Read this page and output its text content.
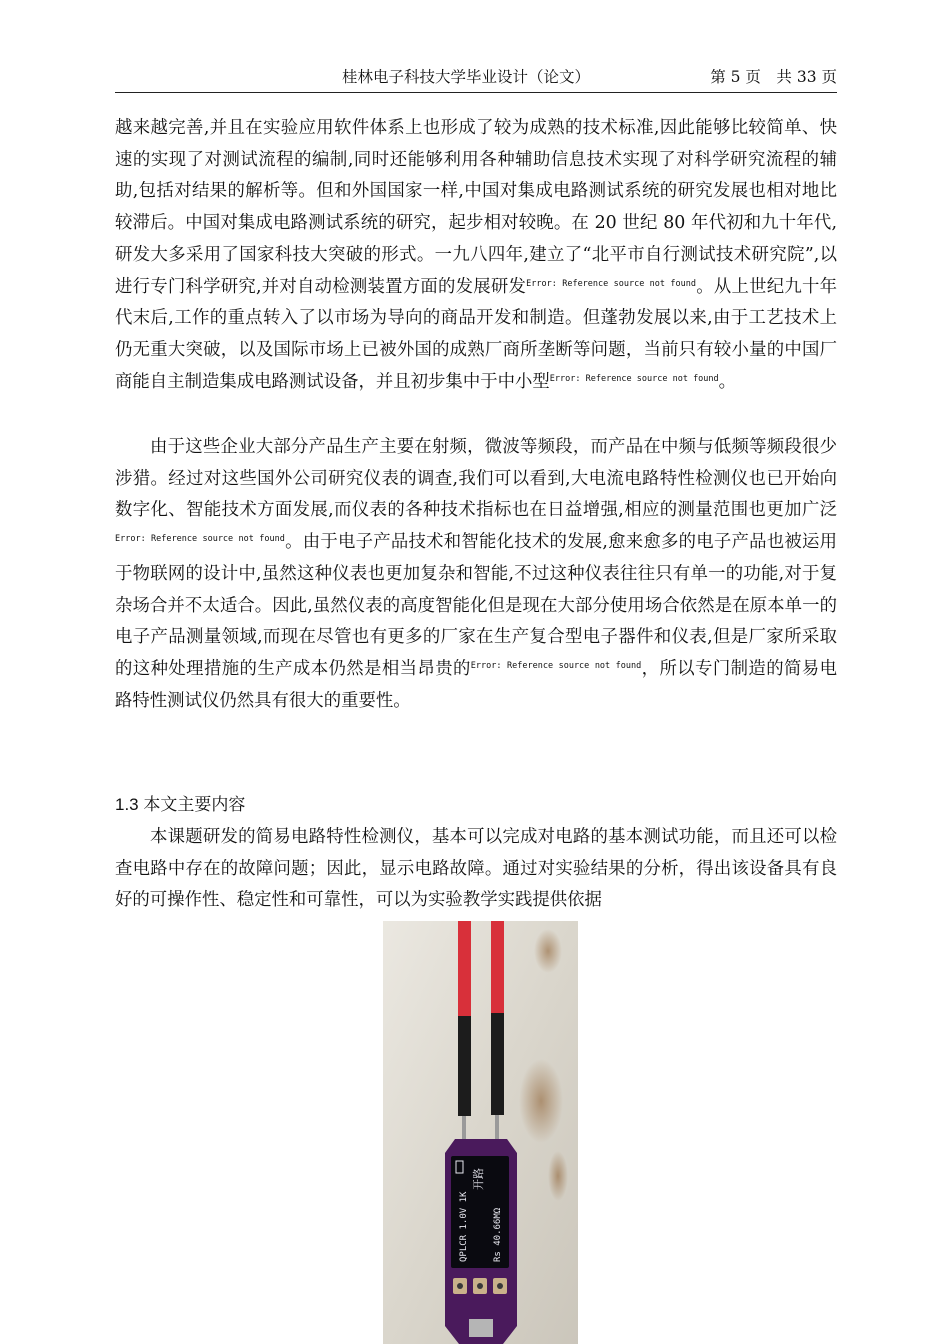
桂林电子科技大学毕业设计（论文）	第 5 页　共 33 页

越来越完善,并且在实验应用软件体系上也形成了较为成熟的技术标准,因此能够比较简单、快速的实现了对测试流程的编制,同时还能够利用各种辅助信息技术实现了对科学研究流程的辅助,包括对结果的解析等。但和外国国家一样,中国对集成电路测试系统的研究发展也相对地比较滞后。中国对集成电路测试系统的研究，起步相对较晚。在 20 世纪 80 年代初和九十年代,研发大多采用了国家科技大突破的形式。一九八四年,建立了“北平市自行测试技术研究院”,以进行专门科学研究,并对自动检测装置方面的发展研发$^{Error: Reference source not found}$。从上世纪九十年代末后,工作的重点转入了以市场为导向的商品开发和制造。但蓬勃发展以来,由于工艺技术上仍无重大突破，以及国际市场上已被外国的成熟厂商所垄断等问题，当前只有较小量的中国厂商能自主制造集成电路测试设备，并且初步集中于中小型$^{Error: Reference source not found}$。

由于这些企业大部分产品生产主要在射频，微波等频段，而产品在中频与低频等频段很少涉猎。经过对这些国外公司研究仪表的调查,我们可以看到,大电流电路特性检测仪也已开始向数字化、智能技术方面发展,而仪表的各种技术指标也在日益增强,相应的测量范围也更加广泛$^{Error: Reference source not found}$。由于电子产品技术和智能化技术的发展,愈来愈多的电子产品也被运用于物联网的设计中,虽然这种仪表也更加复杂和智能,不过这种仪表往往只有单一的功能,对于复杂场合并不太适合。因此,虽然仪表的高度智能化但是现在大部分使用场合依然是在原本单一的电子产品测量领域,而现在尽管也有更多的厂家在生产复合型电子器件和仪表,但是厂家所采取的这种处理措施的生产成本仍然是相当昂贵的$^{Error: Reference source not found}$，所以专门制造的简易电路特性测试仪仍然具有很大的重要性。

1.3 本文主要内容

本课题研发的简易电路特性检测仪，基本可以完成对电路的基本测试功能，而且还可以检查电路中存在的故障问题；因此，显示电路故障。通过对实验结果的分析，得出该设备具有良好的可操作性、稳定性和可靠性，可以为实验教学实践提供依据

QPLCR 1.0V 1K
开路
Rs 40.66MΩ
